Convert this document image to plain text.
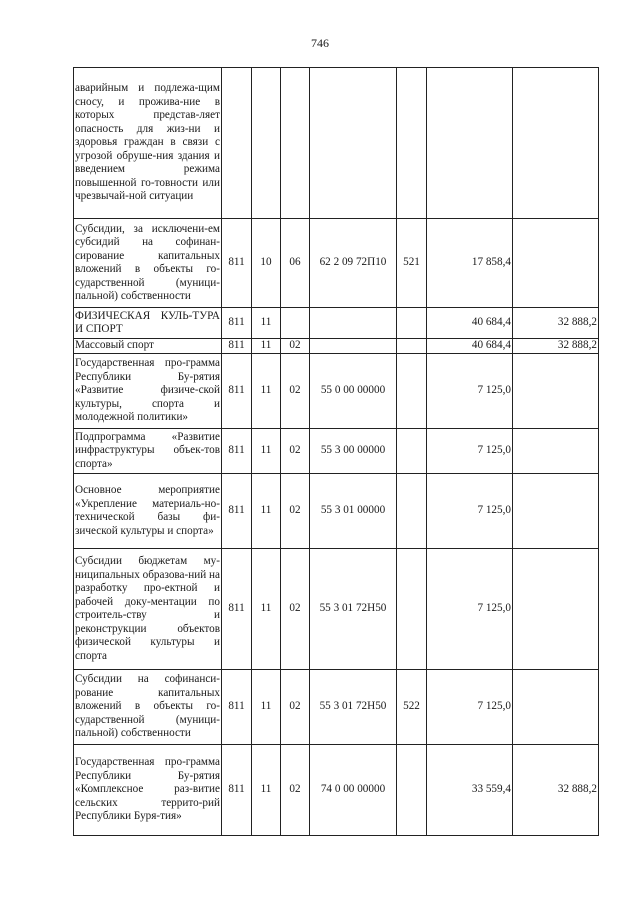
746
аварийным и подлежа-щим сносу, и прожива-ние в которых представ-ляет опасность для жиз-ни и здоровья граждан в связи с угрозой обруше-ния здания и введением режима повышенной го-товности или чрезвычай-ной ситуации							

Субсидии, за исключени-ем субсидий на софинан-сирование капитальных вложений в объекты го-сударственной (муници-пальной) собственности	811	10	06	62 2 09 72П10	521	17 858,4	

ФИЗИЧЕСКАЯ КУЛЬ-ТУРА И СПОРТ	811	11				40 684,4	32 888,2

Массовый спорт	811	11	02			40 684,4	32 888,2

Государственная про-грамма Республики Бу-рятия «Развитие физиче-ской культуры, спорта и молодежной политики»	811	11	02	55 0 00 00000		7 125,0	

Подпрограмма «Развитие инфраструктуры объек-тов спорта»	811	11	02	55 3 00 00000		7 125,0	

Основное мероприятие «Укрепление материаль-но-технической базы фи-зической культуры и спорта»	811	11	02	55 3 01 00000		7 125,0	

Субсидии бюджетам му-ниципальных образова-ний на разработку про-ектной и рабочей доку-ментации по строитель-ству и реконструкции объектов физической культуры и спорта	811	11	02	55 3 01 72Н50		7 125,0	

Субсидии на софинанси-рование капитальных вложений в объекты го-сударственной (муници-пальной) собственности	811	11	02	55 3 01 72Н50	522	7 125,0	

Государственная про-грамма Республики Бу-рятия «Комплексное раз-витие сельских террито-рий Республики Буря-тия»	811	11	02	74 0 00 00000		33 559,4	32 888,2
